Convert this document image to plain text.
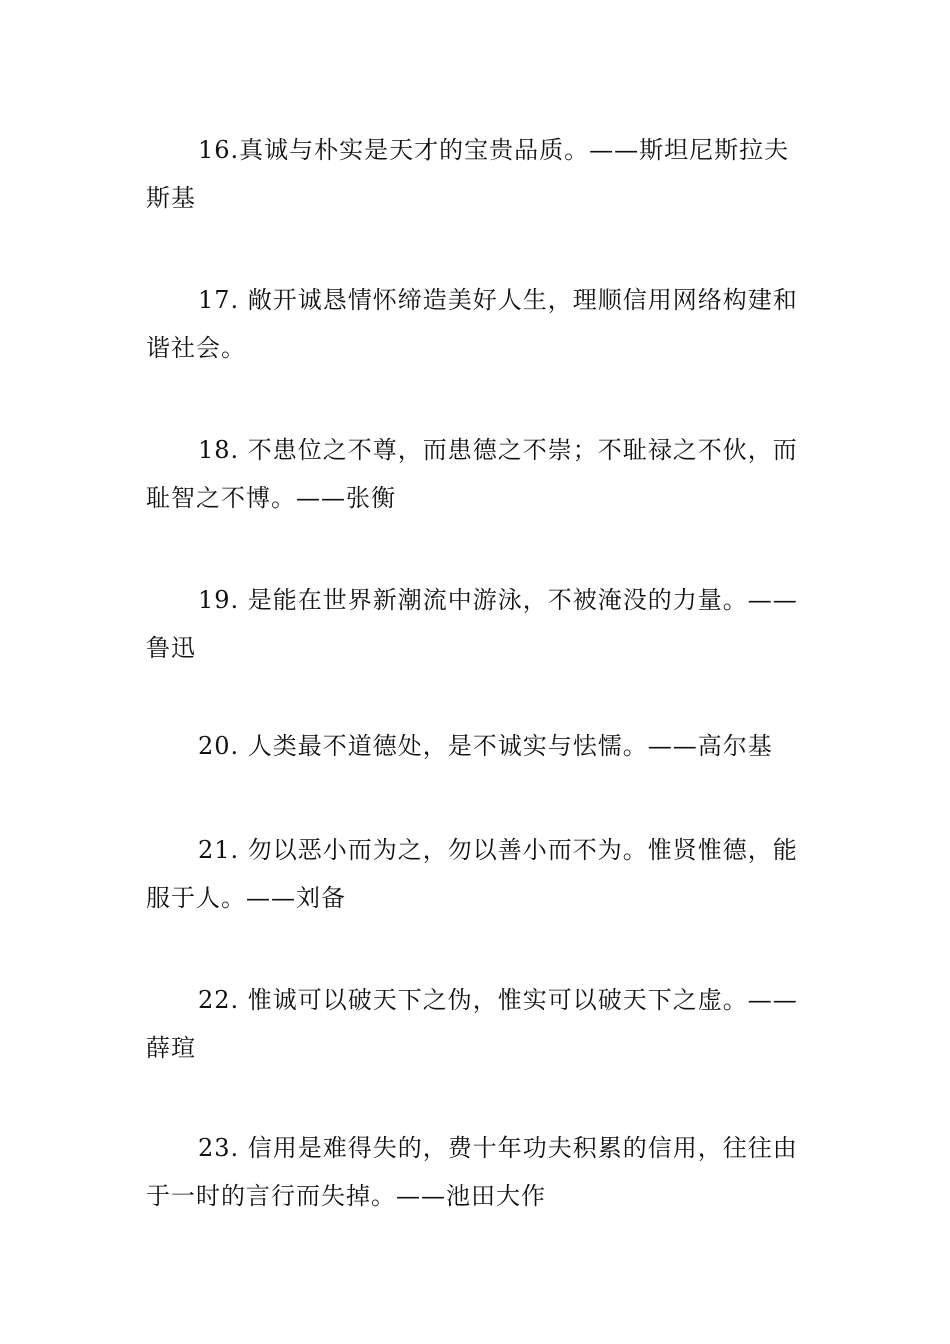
16.真诚与朴实是天才的宝贵品质。——斯坦尼斯拉夫斯基

17. 敞开诚恳情怀缔造美好人生，理顺信用网络构建和谐社会。

18. 不患位之不尊，而患德之不崇；不耻禄之不伙，而耻智之不博。——张衡

19. 是能在世界新潮流中游泳，不被淹没的力量。——鲁迅

20. 人类最不道德处，是不诚实与怯懦。——高尔基

21. 勿以恶小而为之，勿以善小而不为。惟贤惟德，能服于人。——刘备

22. 惟诚可以破天下之伪，惟实可以破天下之虚。——薛瑄

23. 信用是难得失的，费十年功夫积累的信用，往往由于一时的言行而失掉。——池田大作
